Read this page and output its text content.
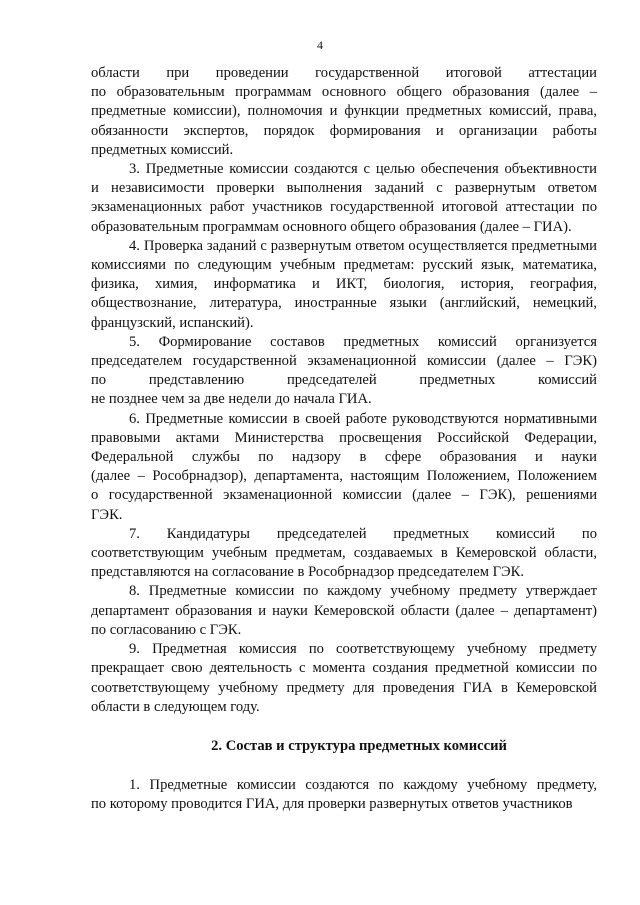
4
области при проведении государственной итоговой аттестации
по образовательным программам основного общего образования (далее –
предметные комиссии), полномочия и функции предметных комиссий, права,
обязанности экспертов, порядок формирования и организации работы
предметных комиссий.
3. Предметные комиссии создаются с целью обеспечения объективности
и независимости проверки выполнения заданий с развернутым ответом
экзаменационных работ участников государственной итоговой аттестации по
образовательным программам основного общего образования (далее – ГИА).
4. Проверка заданий с развернутым ответом осуществляется предметными
комиссиями по следующим учебным предметам: русский язык, математика,
физика, химия, информатика и ИКТ, биология, история, география,
обществознание, литература, иностранные языки (английский, немецкий,
французский, испанский).
5. Формирование составов предметных комиссий организуется
председателем государственной экзаменационной комиссии (далее – ГЭК)
по представлению председателей предметных комиссий
не позднее чем за две недели до начала ГИА.
6. Предметные комиссии в своей работе руководствуются нормативными
правовыми актами Министерства просвещения Российской Федерации,
Федеральной службы по надзору в сфере образования и науки
(далее – Рособрнадзор), департамента, настоящим Положением, Положением
о государственной экзаменационной комиссии (далее – ГЭК), решениями
ГЭК.
7. Кандидатуры председателей предметных комиссий по
соответствующим учебным предметам, создаваемых в Кемеровской области,
представляются на согласование в Рособрнадзор председателем ГЭК.
8. Предметные комиссии по каждому учебному предмету утверждает
департамент образования и науки Кемеровской области (далее – департамент)
по согласованию с ГЭК.
9. Предметная комиссия по соответствующему учебному предмету
прекращает свою деятельность с момента создания предметной комиссии по
соответствующему учебному предмету для проведения ГИА в Кемеровской
области в следующем году.
2. Состав и структура предметных комиссий
1. Предметные комиссии создаются по каждому учебному предмету,
по которому проводится ГИА, для проверки развернутых ответов участников
